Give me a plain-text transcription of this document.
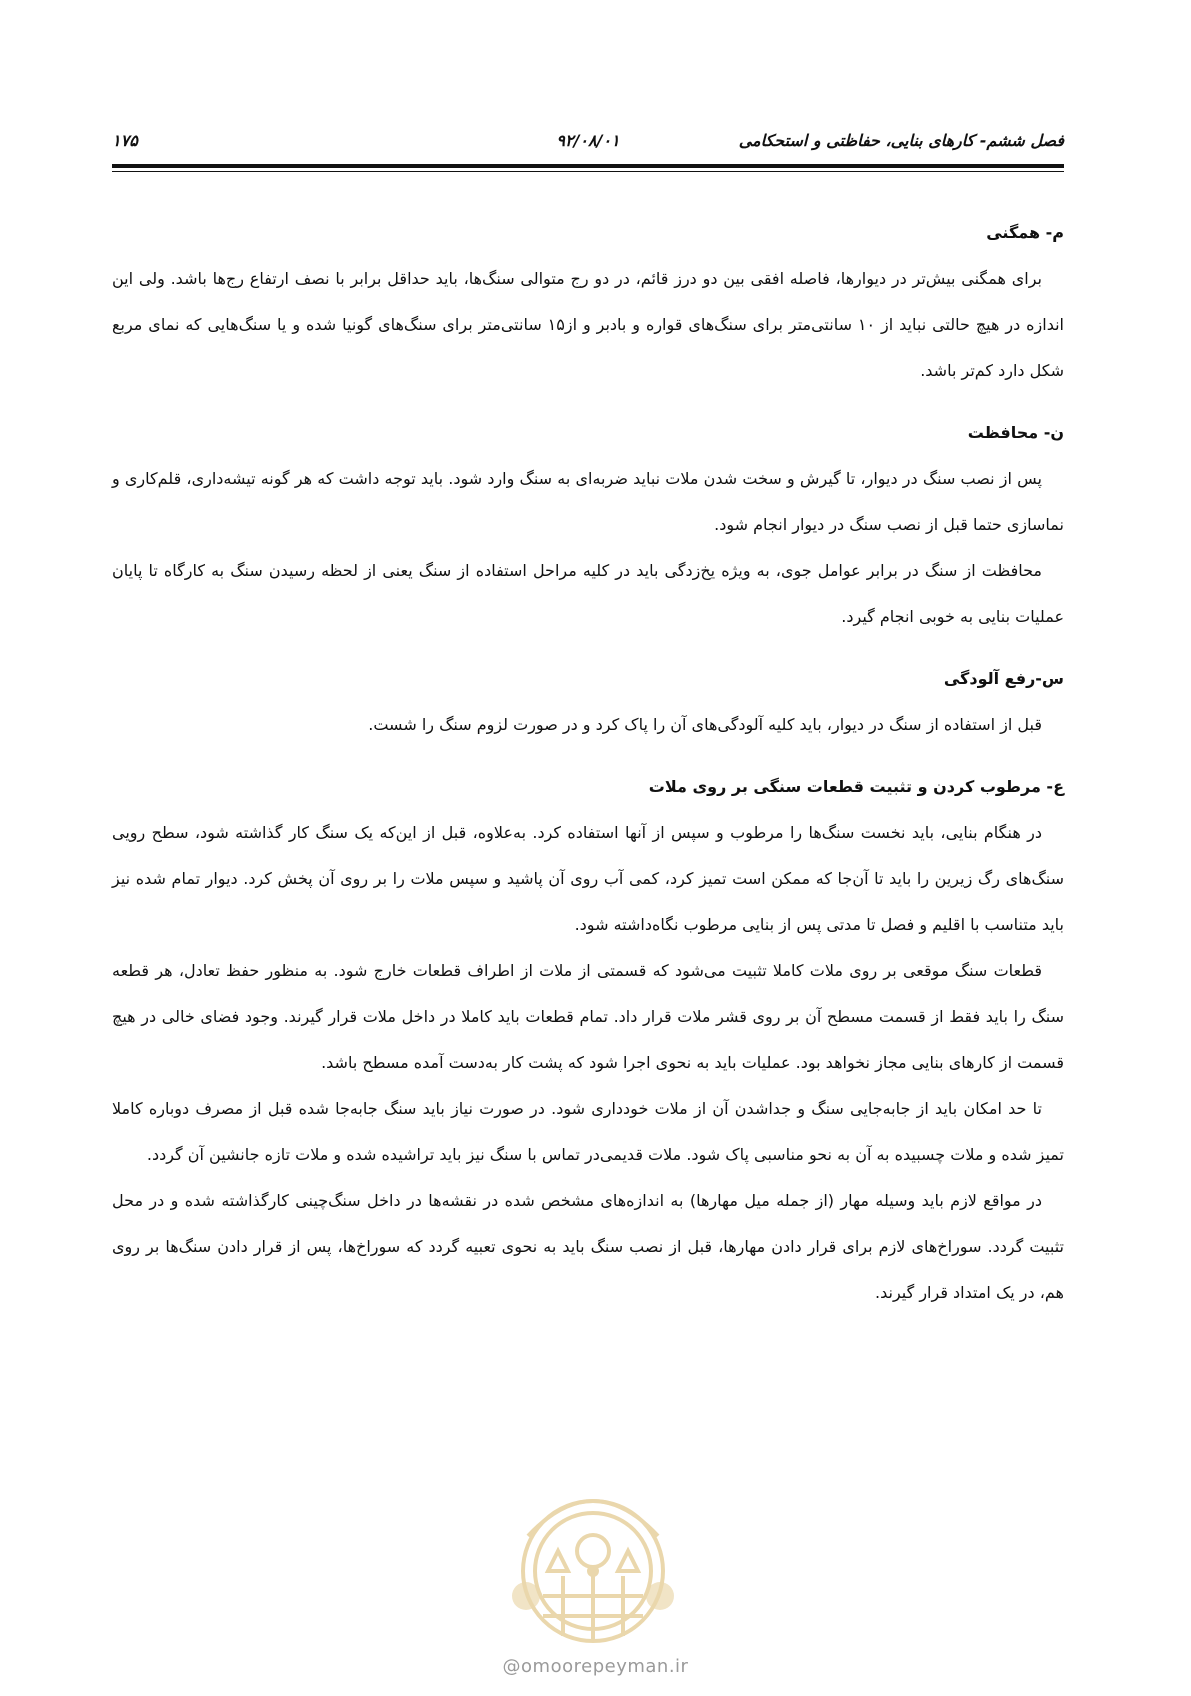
فصل ششم- کارهای بنایی، حفاظتی و استحکامی
۹۲/۰۸/۰۱
۱۷۵
م- همگنی

برای همگنی بیش‌تر در دیوارها، فاصله افقی بین دو درز قائم، در دو رج متوالی سنگ‌ها، باید حداقل برابر با نصف ارتفاع رج‌ها باشد. ولی این اندازه در هیچ حالتی نباید از ۱۰ سانتی‌متر برای سنگ‌های قواره و بادبر و از۱۵ سانتی‌متر برای سنگ‌های گونیا شده و یا سنگ‌هایی که نمای مربع شکل دارد کم‌تر باشد.

ن- محافظت

پس از نصب سنگ در دیوار، تا گیرش و سخت شدن ملات نباید ضربه‌ای به سنگ وارد شود. باید توجه داشت که هر گونه تیشه‌داری، قلم‌کاری و نماسازی حتما قبل از نصب سنگ در دیوار انجام شود.

محافظت از سنگ در برابر عوامل جوی، به ویژه یخ‌زدگی باید در کلیه مراحل استفاده از سنگ یعنی از لحظه رسیدن سنگ به کارگاه تا پایان عملیات بنایی به خوبی انجام گیرد.

س-رفع آلودگی

قبل از استفاده از سنگ در دیوار، باید کلیه آلودگی‌های آن را پاک کرد و در صورت لزوم سنگ را شست.

ع- مرطوب کردن و تثبیت قطعات سنگی بر روی ملات

در هنگام بنایی، باید نخست سنگ‌ها را مرطوب و سپس از آنها استفاده کرد. به‌علاوه، قبل از این‌که یک سنگ کار گذاشته شود، سطح رویی سنگ‌های رگ زیرین را باید تا آن‌جا که ممکن است تمیز کرد، کمی آب روی آن پاشید و سپس ملات را بر روی آن پخش کرد. دیوار تمام شده نیز باید متناسب با اقلیم و فصل تا مدتی پس از بنایی مرطوب نگاه‌داشته شود.

قطعات سنگ موقعی بر روی ملات کاملا تثبیت می‌شود که قسمتی از ملات از اطراف قطعات خارج شود. به منظور حفظ تعادل، هر قطعه سنگ را باید فقط از قسمت مسطح آن بر روی قشر ملات قرار داد. تمام قطعات باید کاملا در داخل ملات قرار گیرند. وجود فضای خالی در هیچ قسمت از کارهای بنایی مجاز نخواهد بود. عملیات باید به نحوی اجرا شود که پشت کار به‌دست آمده مسطح باشد.

تا حد امکان باید از جابه‌جایی سنگ و جداشدن آن از ملات خودداری شود. در صورت نیاز باید سنگ جابه‌جا شده قبل از مصرف دوباره کاملا تمیز شده و ملات چسبیده به آن به نحو مناسبی پاک شود. ملات قدیمی‌در تماس با سنگ نیز باید تراشیده شده و ملات تازه جانشین آن گردد.

در مواقع لازم باید وسیله مهار (از جمله میل مهارها) به اندازه‌های مشخص شده در نقشه‌ها در داخل سنگ‌چینی کارگذاشته شده و در محل تثبیت گردد. سوراخ‌های لازم برای قرار دادن مهارها، قبل از نصب سنگ باید به نحوی تعبیه گردد که سوراخ‌ها، پس از قرار دادن سنگ‌ها بر روی هم، در یک امتداد قرار گیرند.

@omoorepeyman.ir
